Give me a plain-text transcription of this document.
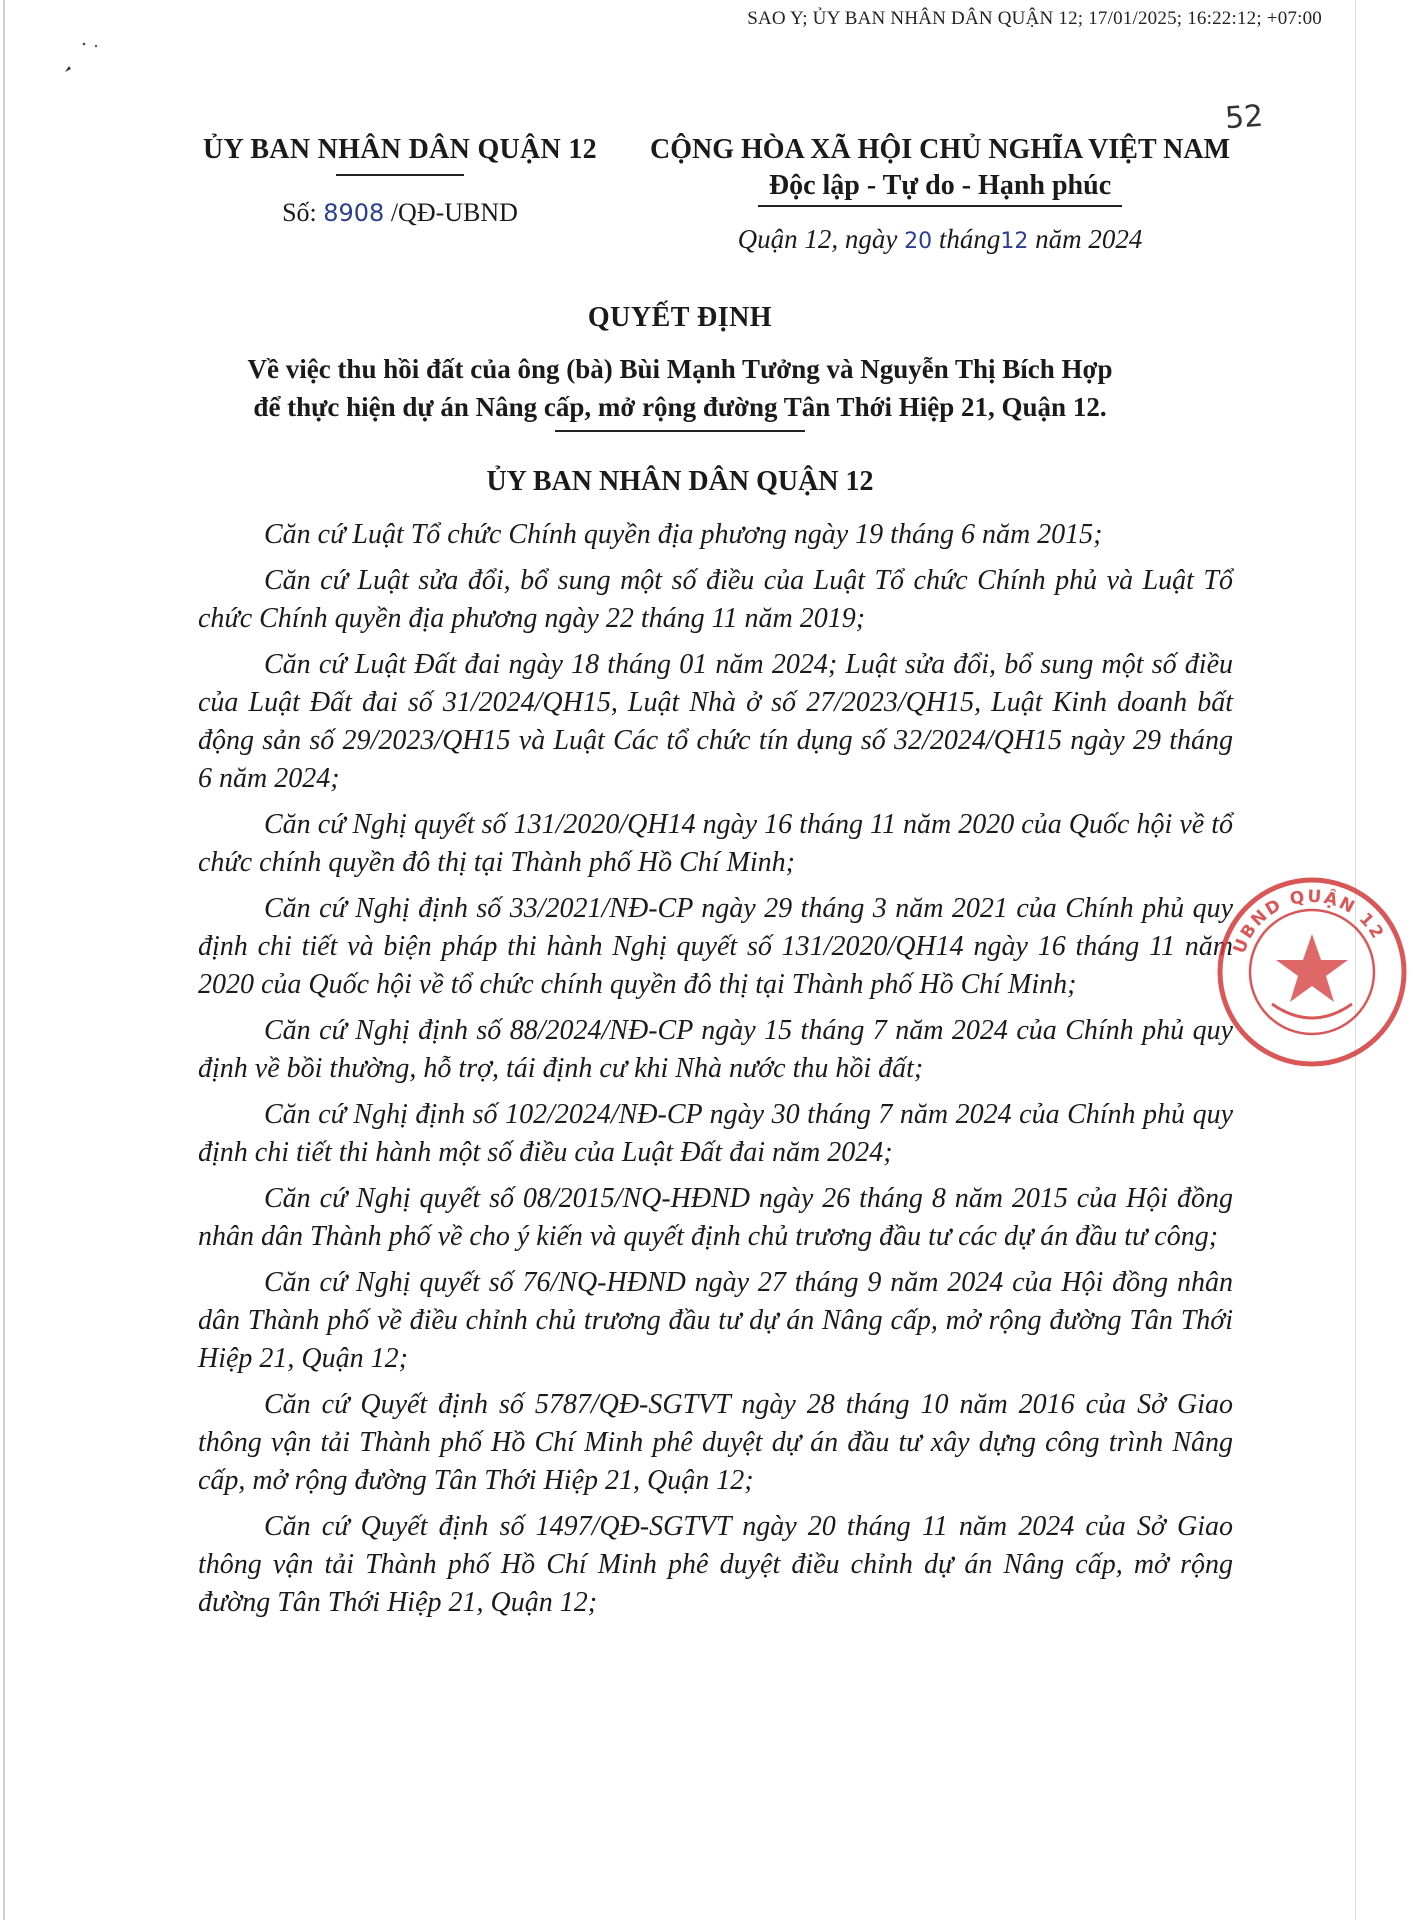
SAO Y; ỦY BAN NHÂN DÂN QUẬN 12; 17/01/2025; 16:22:12; +07:00
52
ỦY BAN NHÂN DÂN QUẬN 12
Số: 8908 /QĐ-UBND
CỘNG HÒA XÃ HỘI CHỦ NGHĨA VIỆT NAM
Độc lập - Tự do - Hạnh phúc
Quận 12, ngày 20 tháng12 năm 2024
QUYẾT ĐỊNH
Về việc thu hồi đất của ông (bà) Bùi Mạnh Tưởng và Nguyễn Thị Bích Hợp
để thực hiện dự án Nâng cấp, mở rộng đường Tân Thới Hiệp 21, Quận 12.
ỦY BAN NHÂN DÂN QUẬN 12

Căn cứ Luật Tổ chức Chính quyền địa phương ngày 19 tháng 6 năm 2015;

Căn cứ Luật sửa đổi, bổ sung một số điều của Luật Tổ chức Chính phủ và Luật Tổ chức Chính quyền địa phương ngày 22 tháng 11 năm 2019;

Căn cứ Luật Đất đai ngày 18 tháng 01 năm 2024; Luật sửa đổi, bổ sung một số điều của Luật Đất đai số 31/2024/QH15, Luật Nhà ở số 27/2023/QH15, Luật Kinh doanh bất động sản số 29/2023/QH15 và Luật Các tổ chức tín dụng số 32/2024/QH15 ngày 29 tháng 6 năm 2024;

Căn cứ Nghị quyết số 131/2020/QH14 ngày 16 tháng 11 năm 2020 của Quốc hội về tổ chức chính quyền đô thị tại Thành phố Hồ Chí Minh;

Căn cứ Nghị định số 33/2021/NĐ-CP ngày 29 tháng 3 năm 2021 của Chính phủ quy định chi tiết và biện pháp thi hành Nghị quyết số 131/2020/QH14 ngày 16 tháng 11 năm 2020 của Quốc hội về tổ chức chính quyền đô thị tại Thành phố Hồ Chí Minh;

Căn cứ Nghị định số 88/2024/NĐ-CP ngày 15 tháng 7 năm 2024 của Chính phủ quy định về bồi thường, hỗ trợ, tái định cư khi Nhà nước thu hồi đất;

Căn cứ Nghị định số 102/2024/NĐ-CP ngày 30 tháng 7 năm 2024 của Chính phủ quy định chi tiết thi hành một số điều của Luật Đất đai năm 2024;

Căn cứ Nghị quyết số 08/2015/NQ-HĐND ngày 26 tháng 8 năm 2015 của Hội đồng nhân dân Thành phố về cho ý kiến và quyết định chủ trương đầu tư các dự án đầu tư công;

Căn cứ Nghị quyết số 76/NQ-HĐND ngày 27 tháng 9 năm 2024 của Hội đồng nhân dân Thành phố về điều chỉnh chủ trương đầu tư dự án Nâng cấp, mở rộng đường Tân Thới Hiệp 21, Quận 12;

Căn cứ Quyết định số 5787/QĐ-SGTVT ngày 28 tháng 10 năm 2016 của Sở Giao thông vận tải Thành phố Hồ Chí Minh phê duyệt dự án đầu tư xây dựng công trình Nâng cấp, mở rộng đường Tân Thới Hiệp 21, Quận 12;

Căn cứ Quyết định số 1497/QĐ-SGTVT ngày 20 tháng 11 năm 2024 của Sở Giao thông vận tải Thành phố Hồ Chí Minh phê duyệt điều chỉnh dự án Nâng cấp, mở rộng đường Tân Thới Hiệp 21, Quận 12;

UBND QUẬN 12
